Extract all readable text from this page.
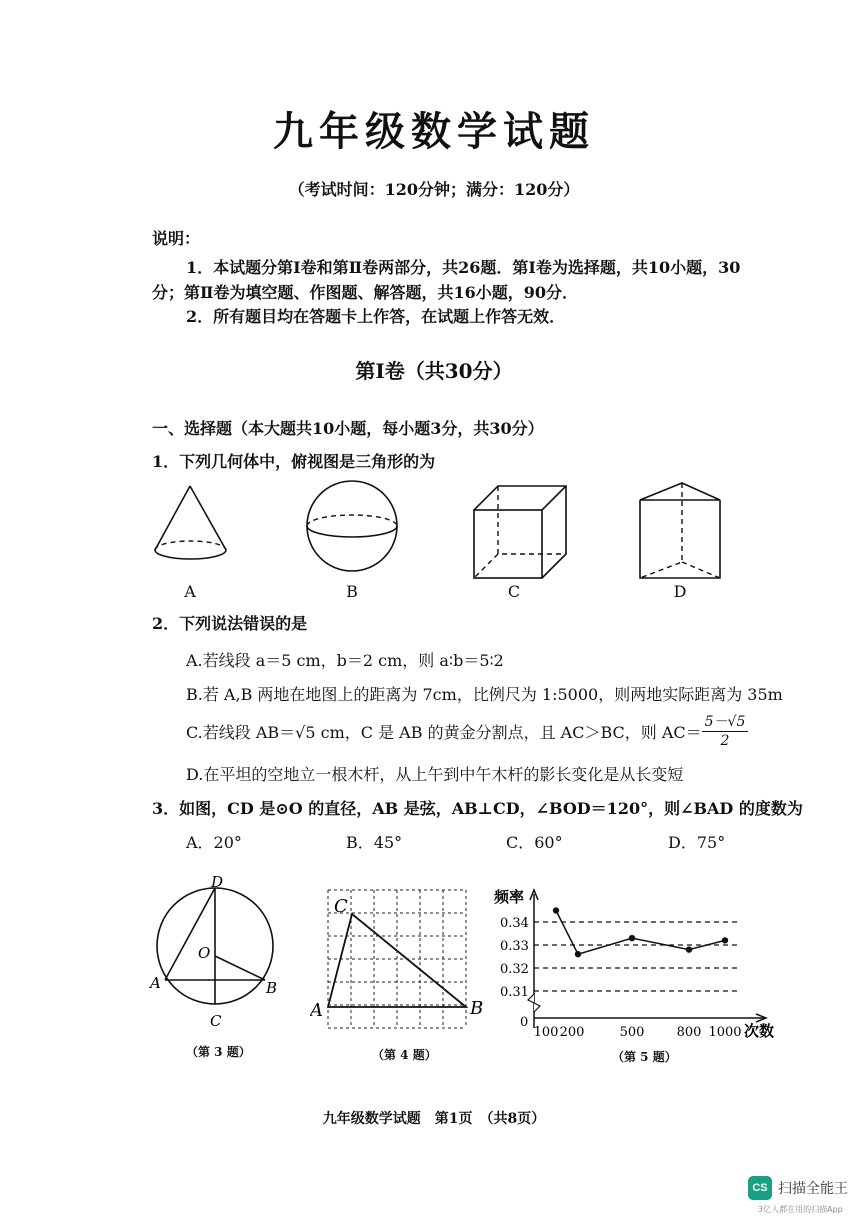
九年级数学试题
（考试时间：120分钟；满分：120分）
说明：
1．本试题分第Ⅰ卷和第Ⅱ卷两部分，共26题．第Ⅰ卷为选择题，共10小题，30
分；第Ⅱ卷为填空题、作图题、解答题，共16小题，90分．
2．所有题目均在答题卡上作答，在试题上作答无效．
第Ⅰ卷（共30分）
一、选择题（本大题共10小题，每小题3分，共30分）
1．下列几何体中，俯视图是三角形的为
A	B	C	D
2．下列说法错误的是
A.若线段 a＝5 cm，b＝2 cm，则 a∶b＝5∶2
B.若 A,B 两地在地图上的距离为 7cm，比例尺为 1:5000，则两地实际距离为 35m
C.若线段 AB＝√5 cm，C 是 AB 的黄金分割点，且 AC＞BC，则 $AC= \frac{5-√5}{2}$
D.在平坦的空地立一根木杆，从上午到中午木杆的影长变化是从长变短
3．如图，CD 是⊙O 的直径，AB 是弦，AB⊥CD，∠BOD＝120°，则∠BAD 的度数为
A．20°	B．45°	C．60°	D．75°
D
O
A	B
C
（第 3 题）
C
A	B
（第 4 题）
频率
次数
0
0.34
0.33
0.32
0.31
100 200	500 800 1000
（第 5 题）
九年级数学试题　第1页　（共8页）
CS 扫描全能王
3亿人都在用的扫描App
